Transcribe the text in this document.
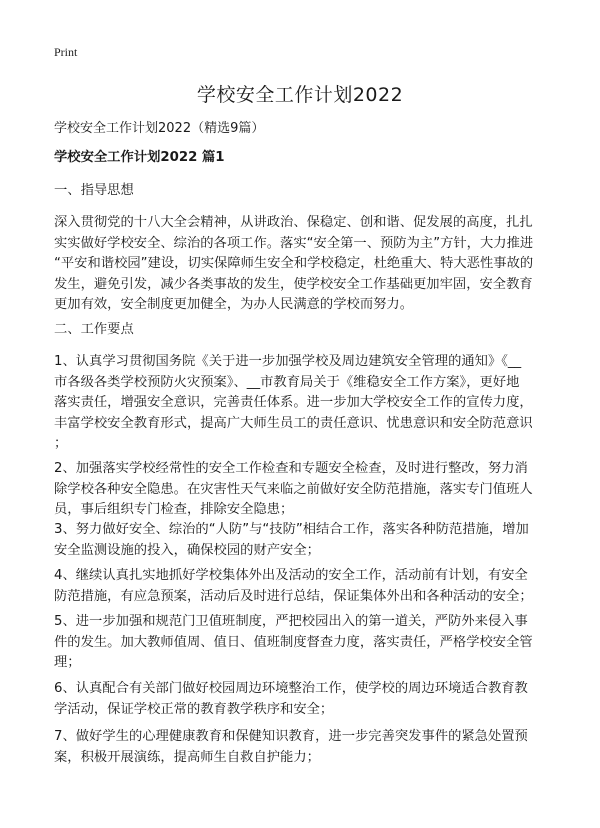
Print
学校安全工作计划2022
学校安全工作计划2022（精选9篇）
学校安全工作计划2022 篇1
一、指导思想
深入贯彻党的十八大全会精神，从讲政治、保稳定、创和谐、促发展的高度，扎扎
实实做好学校安全、综治的各项工作。落实“安全第一、预防为主”方针，大力推进
“平安和谐校园”建设，切实保障师生安全和学校稳定，杜绝重大、特大恶性事故的
发生，避免引发，减少各类事故的发生，使学校安全工作基础更加牢固，安全教育
更加有效，安全制度更加健全，为办人民满意的学校而努力。
二、工作要点
1、认真学习贯彻国务院《关于进一步加强学校及周边建筑安全管理的通知》《__
市各级各类学校预防火灾预案》、__市教育局关于《维稳安全工作方案》，更好地
落实责任，增强安全意识，完善责任体系。进一步加大学校安全工作的宣传力度，
丰富学校安全教育形式，提高广大师生员工的责任意识、忧患意识和安全防范意识
；
2、加强落实学校经常性的安全工作检查和专题安全检查，及时进行整改，努力消
除学校各种安全隐患。在灾害性天气来临之前做好安全防范措施，落实专门值班人
员，事后组织专门检查，排除安全隐患；
3、努力做好安全、综治的“人防”与“技防”相结合工作，落实各种防范措施，增加
安全监测设施的投入，确保校园的财产安全；
4、继续认真扎实地抓好学校集体外出及活动的安全工作，活动前有计划，有安全
防范措施，有应急预案，活动后及时进行总结，保证集体外出和各种活动的安全；
5、进一步加强和规范门卫值班制度，严把校园出入的第一道关，严防外来侵入事
件的发生。加大教师值周、值日、值班制度督查力度，落实责任，严格学校安全管
理；
6、认真配合有关部门做好校园周边环境整治工作，使学校的周边环境适合教育教
学活动，保证学校正常的教育教学秩序和安全；
7、做好学生的心理健康教育和保健知识教育，进一步完善突发事件的紧急处置预
案，积极开展演练，提高师生自救自护能力；
